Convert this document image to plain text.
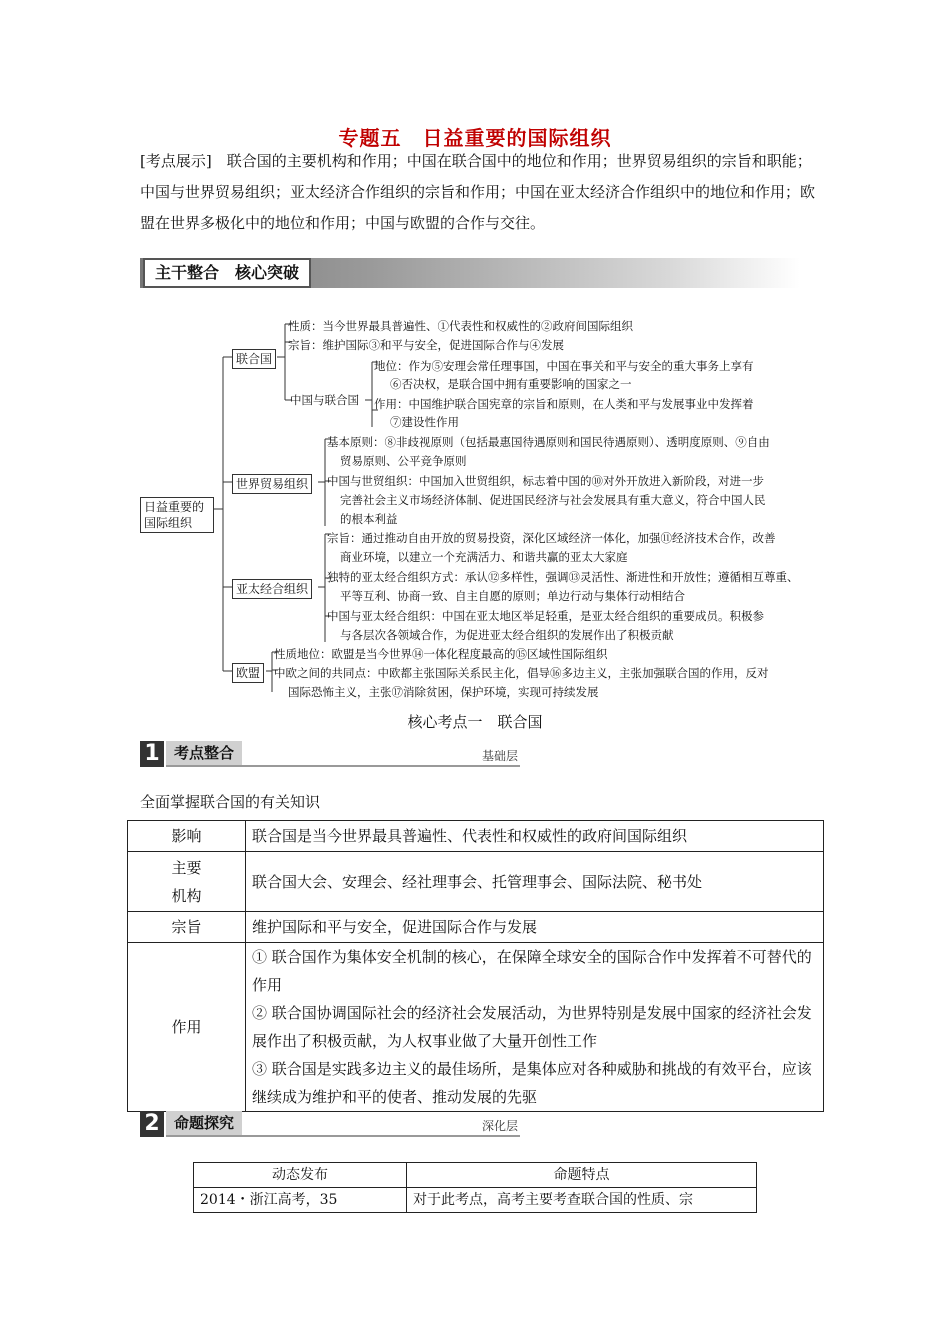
专题五　日益重要的国际组织
[考点展示]　联合国的主要机构和作用；中国在联合国中的地位和作用；世界贸易组织的宗旨和职能；中国与世界贸易组织；亚太经济合作组织的宗旨和作用；中国在亚太经济合作组织中的地位和作用；欧盟在世界多极化中的地位和作用；中国与欧盟的合作与交往。
主干整合　核心突破
日益重要的国际组织
联合国
中国与联合国
世界贸易组织
亚太经合组织
欧盟
性质：当今世界最具普遍性、①代表性和权威性的②政府间国际组织
宗旨：维护国际③和平与安全，促进国际合作与④发展
地位：作为⑤安理会常任理事国，中国在事关和平与安全的重大事务上享有
⑥否决权，是联合国中拥有重要影响的国家之一
作用：中国维护联合国宪章的宗旨和原则，在人类和平与发展事业中发挥着
⑦建设性作用
基本原则：⑧非歧视原则（包括最惠国待遇原则和国民待遇原则）、透明度原则、⑨自由
贸易原则、公平竞争原则
中国与世贸组织：中国加入世贸组织，标志着中国的⑩对外开放进入新阶段，对进一步
完善社会主义市场经济体制、促进国民经济与社会发展具有重大意义，符合中国人民
的根本利益
宗旨：通过推动自由开放的贸易投资，深化区域经济一体化，加强⑪经济技术合作，改善
商业环境，以建立一个充满活力、和谐共赢的亚太大家庭
独特的亚太经合组织方式：承认⑫多样性，强调⑬灵活性、渐进性和开放性；遵循相互尊重、
平等互利、协商一致、自主自愿的原则；单边行动与集体行动相结合
中国与亚太经合组织：中国在亚太地区举足轻重，是亚太经合组织的重要成员。积极参
与各层次各领域合作，为促进亚太经合组织的发展作出了积极贡献
性质地位：欧盟是当今世界⑭一体化程度最高的⑮区域性国际组织
中欧之间的共同点：中欧都主张国际关系民主化，倡导⑯多边主义，主张加强联合国的作用，反对
国际恐怖主义，主张⑰消除贫困，保护环境，实现可持续发展
核心考点一　联合国
1 考点整合	基础层
全面掌握联合国的有关知识
影响	联合国是当今世界最具普遍性、代表性和权威性的政府间国际组织

主要
机构	联合国大会、安理会、经社理事会、托管理事会、国际法院、秘书处
宗旨	维护国际和平与安全，促进国际合作与发展
作用	① 联合国作为集体安全机制的核心，在保障全球安全的国际合作中发挥着不可替代的作用
② 联合国协调国际社会的经济社会发展活动，为世界特别是发展中国家的经济社会发展作出了积极贡献，为人权事业做了大量开创性工作
③ 联合国是实践多边主义的最佳场所，是集体应对各种威胁和挑战的有效平台，应该继续成为维护和平的使者、推动发展的先驱
2 命题探究	深化层
动态发布	命题特点
2014・浙江高考，35	对于此考点，高考主要考查联合国的性质、宗
